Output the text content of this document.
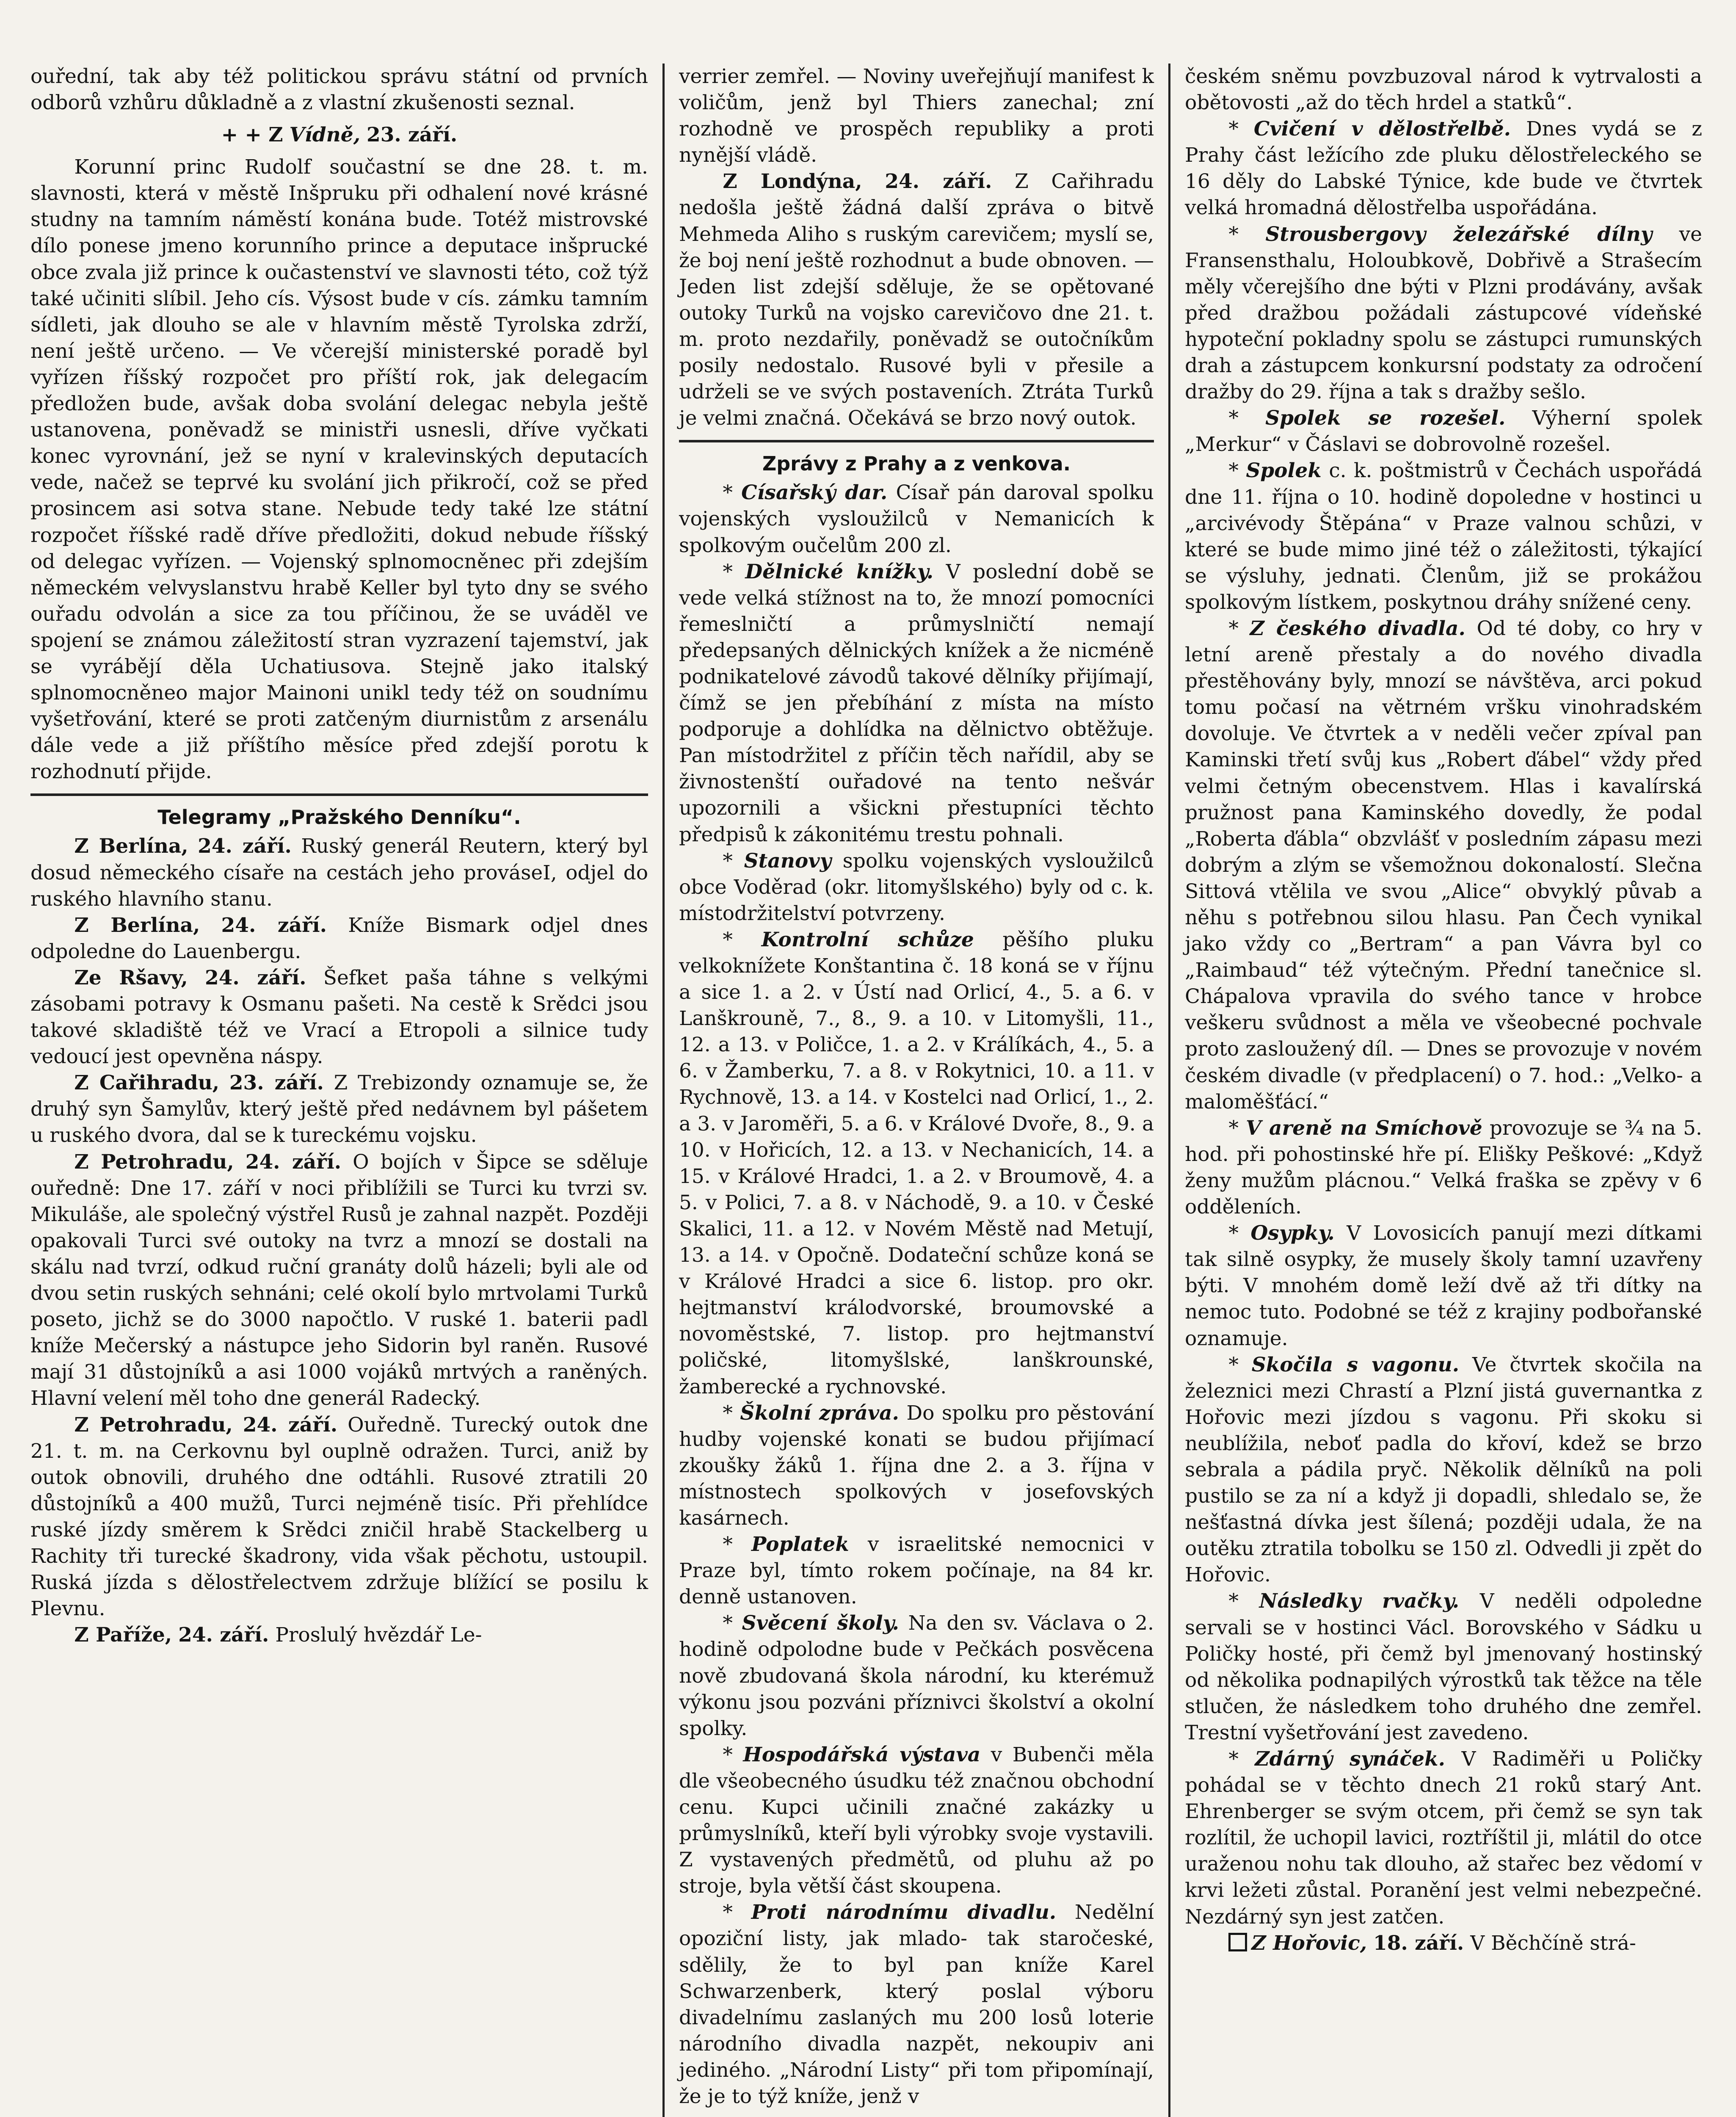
ouřední, tak aby též politickou správu státní od prvních odborů vzhůru důkladně a z vlastní zkušenosti seznal.

+ + Z Vídně, 23. září.

Korunní princ Rudolf součastní se dne 28. t. m. slavnosti, která v městě Inšpruku při odhalení nové krásné studny na tamním náměstí konána bude. Totéž mistrovské dílo ponese jmeno korunního prince a deputace inšprucké obce zvala již prince k oučastenství ve slavnosti této, což týž také učiniti slíbil. Jeho cís. Výsost bude v cís. zámku tamním sídleti, jak dlouho se ale v hlavním městě Tyrolska zdrží, není ještě určeno. — Ve včerejší ministerské poradě byl vyřízen říšský rozpočet pro příští rok, jak delegacím předložen bude, avšak doba svolání delegac nebyla ještě ustanovena, poněvadž se ministři usnesli, dříve vyčkati konec vyrovnání, jež se nyní v kralevinských deputacích vede, načež se teprvé ku svolání jich přikročí, což se před prosincem asi sotva stane. Nebude tedy také lze státní rozpočet říšské radě dříve předložiti, dokud nebude říšský od delegac vyřízen. — Vojenský splnomocněnec při zdejším německém velvyslanstvu hrabě Keller byl tyto dny se svého ouřadu odvolán a sice za tou příčinou, že se uváděl ve spojení se známou záležitostí stran vyzrazení tajemství, jak se vyrábějí děla Uchatiusova. Stejně jako italský splnomocněneo major Mainoni unikl tedy též on soudnímu vyšetřování, které se proti zatčeným diurnistům z arsenálu dále vede a již příštího měsíce před zdejší porotu k rozhodnutí přijde.

Telegramy „Pražského Denníku“.

Z Berlína, 24. září. Ruský generál Reutern, který byl dosud německého císaře na cestách jeho prováseI, odjel do ruského hlavního stanu.

Z Berlína, 24. září. Kníže Bismark odjel dnes odpoledne do Lauenbergu.

Ze Ršavy, 24. září. Šefket paša táhne s velkými zásobami potravy k Osmanu pašeti. Na cestě k Srědci jsou takové skladiště též ve Vrací a Etropoli a silnice tudy vedoucí jest opevněna náspy.

Z Cařihradu, 23. září. Z Trebizondy oznamuje se, že druhý syn Šamylův, který ještě před nedávnem byl pášetem u ruského dvora, dal se k tureckému vojsku.

Z Petrohradu, 24. září. O bojích v Šipce se sděluje ouředně: Dne 17. září v noci přiblížili se Turci ku tvrzi sv. Mikuláše, ale společný výstřel Rusů je zahnal nazpět. Později opakovali Turci své outoky na tvrz a mnozí se dostali na skálu nad tvrzí, odkud ruční granáty dolů házeli; byli ale od dvou setin ruských sehnáni; celé okolí bylo mrtvolami Turků poseto, jichž se do 3000 napočtlo. V ruské 1. baterii padl kníže Mečerský a nástupce jeho Sidorin byl raněn. Rusové mají 31 důstojníků a asi 1000 vojáků mrtvých a raněných. Hlavní velení měl toho dne generál Radecký.

Z Petrohradu, 24. září. Ouředně. Turecký outok dne 21. t. m. na Cerkovnu byl ouplně odražen. Turci, aniž by outok obnovili, druhého dne odtáhli. Rusové ztratili 20 důstojníků a 400 mužů, Turci nejméně tisíc. Při přehlídce ruské jízdy směrem k Srědci zničil hrabě Stackelberg u Rachity tři turecké škadrony, vida však pěchotu, ustoupil. Ruská jízda s dělostřelectvem zdržuje blížící se posilu k Plevnu.

Z Paříže, 24. září. Proslulý hvězdář Le-

verrier zemřel. — Noviny uveřejňují manifest k voličům, jenž byl Thiers zanechal; zní rozhodně ve prospěch republiky a proti nynější vládě.

Z Londýna, 24. září. Z Cařihradu nedošla ještě žádná další zpráva o bitvě Mehmeda Aliho s ruským carevičem; myslí se, že boj není ještě rozhodnut a bude obnoven. — Jeden list zdejší sděluje, že se opětované outoky Turků na vojsko carevičovo dne 21. t. m. proto nezdařily, poněvadž se outočníkům posily nedostalo. Rusové byli v přesile a udrželi se ve svých postaveních. Ztráta Turků je velmi značná. Očekává se brzo nový outok.

Zprávy z Prahy a z venkova.

* Císařský dar. Císař pán daroval spolku vojenských vysloužilců v Nemanicích k spolkovým oučelům 200 zl.

* Dělnické knížky. V poslední době se vede velká stížnost na to, že mnozí pomocníci řemeslničtí a průmyslničtí nemají předepsaných dělnických knížek a že nicméně podnikatelové závodů takové dělníky přijímají, čímž se jen přebíhání z místa na místo podporuje a dohlídka na dělnictvo obtěžuje. Pan místodržitel z příčin těch nařídil, aby se živnostenští ouřadové na tento nešvár upozornili a všickni přestupníci těchto předpisů k zákonitému trestu pohnali.

* Stanovy spolku vojenských vysloužilců obce Voděrad (okr. litomyšlského) byly od c. k. místodržitelství potvrzeny.

* Kontrolní schůze pěšího pluku velkoknížete Konštantina č. 18 koná se v říjnu a sice 1. a 2. v Ústí nad Orlicí, 4., 5. a 6. v Lanškrouně, 7., 8., 9. a 10. v Litomyšli, 11., 12. a 13. v Poličce, 1. a 2. v Králíkách, 4., 5. a 6. v Žamberku, 7. a 8. v Rokytnici, 10. a 11. v Rychnově, 13. a 14. v Kostelci nad Orlicí, 1., 2. a 3. v Jaroměři, 5. a 6. v Králové Dvoře, 8., 9. a 10. v Hořicích, 12. a 13. v Nechanicích, 14. a 15. v Králové Hradci, 1. a 2. v Broumově, 4. a 5. v Polici, 7. a 8. v Náchodě, 9. a 10. v České Skalici, 11. a 12. v Novém Městě nad Metují, 13. a 14. v Opočně. Dodateční schůze koná se v Králové Hradci a sice 6. listop. pro okr. hejtmanství králodvorské, broumovské a novoměstské, 7. listop. pro hejtmanství poličské, litomyšlské, lanškrounské, žamberecké a rychnovské.

* Školní zpráva. Do spolku pro pěstování hudby vojenské konati se budou přijímací zkoušky žáků 1. října dne 2. a 3. října v místnostech spolkových v josefovských kasárnech.

* Poplatek v israelitské nemocnici v Praze byl, tímto rokem počínaje, na 84 kr. denně ustanoven.

* Svěcení školy. Na den sv. Václava o 2. hodině odpolodne bude v Pečkách posvěcena nově zbudovaná škola národní, ku kterémuž výkonu jsou pozváni příznivci školství a okolní spolky.

* Hospodářská výstava v Bubenči měla dle všeobecného úsudku též značnou obchodní cenu. Kupci učinili značné zakázky u průmyslníků, kteří byli výrobky svoje vystavili. Z vystavených předmětů, od pluhu až po stroje, byla větší část skoupena.

* Proti národnímu divadlu. Nedělní opoziční listy, jak mlado- tak staročeské, sdělily, že to byl pan kníže Karel Schwarzenberk, který poslal výboru divadelnímu zaslaných mu 200 losů loterie národního divadla nazpět, nekoupiv ani jediného. „Národní Listy“ při tom připomínají, že je to týž kníže, jenž v

českém sněmu povzbuzoval národ k vytrvalosti a obětovosti „až do těch hrdel a statků“.

* Cvičení v dělostřelbě. Dnes vydá se z Prahy část ležícího zde pluku dělostřeleckého se 16 děly do Labské Týnice, kde bude ve čtvrtek velká hromadná dělostřelba uspořádána.

* Strousbergovy železářské dílny ve Fransensthalu, Holoubkově, Dobřivě a Strašecím měly včerejšího dne býti v Plzni prodávány, avšak před dražbou požádali zástupcové vídeňské hypoteční pokladny spolu se zástupci rumunských drah a zástupcem konkursní podstaty za odročení dražby do 29. října a tak s dražby sešlo.

* Spolek se rozešel. Výherní spolek „Merkur“ v Čáslavi se dobrovolně rozešel.

* Spolek c. k. poštmistrů v Čechách uspořádá dne 11. října o 10. hodině dopoledne v hostinci u „arcivévody Štěpána“ v Praze valnou schůzi, v které se bude mimo jiné též o záležitosti, týkající se výsluhy, jednati. Členům, již se prokážou spolkovým lístkem, poskytnou dráhy snížené ceny.

* Z českého divadla. Od té doby, co hry v letní areně přestaly a do nového divadla přestěhovány byly, mnozí se návštěva, arci pokud tomu počasí na větrném vršku vinohradském dovoluje. Ve čtvrtek a v neděli večer zpíval pan Kaminski třetí svůj kus „Robert ďábel“ vždy před velmi četným obecenstvem. Hlas i kavalírská pružnost pana Kaminského dovedly, že podal „Roberta ďábla“ obzvlášť v posledním zápasu mezi dobrým a zlým se všemožnou dokonalostí. Slečna Sittová vtělila ve svou „Alice“ obvyklý půvab a něhu s potřebnou silou hlasu. Pan Čech vynikal jako vždy co „Bertram“ a pan Vávra byl co „Raimbaud“ též výtečným. Přední tanečnice sl. Chápalova vpravila do svého tance v hrobce veškeru svůdnost a měla ve všeobecné pochvale proto zasloužený díl. — Dnes se provozuje v novém českém divadle (v předplacení) o 7. hod.: „Velko- a maloměšťácí.“

* V areně na Smíchově provozuje se ¾ na 5. hod. při pohostinské hře pí. Elišky Peškové: „Když ženy mužům plácnou.“ Velká fraška se zpěvy v 6 odděleních.

* Osypky. V Lovosicích panují mezi dítkami tak silně osypky, že musely školy tamní uzavřeny býti. V mnohém domě leží dvě až tři dítky na nemoc tuto. Podobné se též z krajiny podbořanské oznamuje.

* Skočila s vagonu. Ve čtvrtek skočila na železnici mezi Chrastí a Plzní jistá guvernantka z Hořovic mezi jízdou s vagonu. Při skoku si neublížila, neboť padla do křoví, kdež se brzo sebrala a pádila pryč. Několik dělníků na poli pustilo se za ní a když ji dopadli, shledalo se, že nešťastná dívka jest šílená; později udala, že na outěku ztratila tobolku se 150 zl. Odvedli ji zpět do Hořovic.

* Následky rvačky. V neděli odpoledne servali se v hostinci Václ. Borovského v Sádku u Poličky hosté, při čemž byl jmenovaný hostinský od několika podnapilých výrostků tak těžce na těle stlučen, že následkem toho druhého dne zemřel. Trestní vyšetřování jest zavedeno.

* Zdárný synáček. V Radiměři u Poličky pohádal se v těchto dnech 21 roků starý Ant. Ehrenberger se svým otcem, při čemž se syn tak rozlítil, že uchopil lavici, roztříštil ji, mlátil do otce uraženou nohu tak dlouho, až stařec bez vědomí v krvi ležeti zůstal. Poranění jest velmi nebezpečné. Nezdárný syn jest zatčen.

Z Hořovic, 18. září. V Běchčíně strá-
